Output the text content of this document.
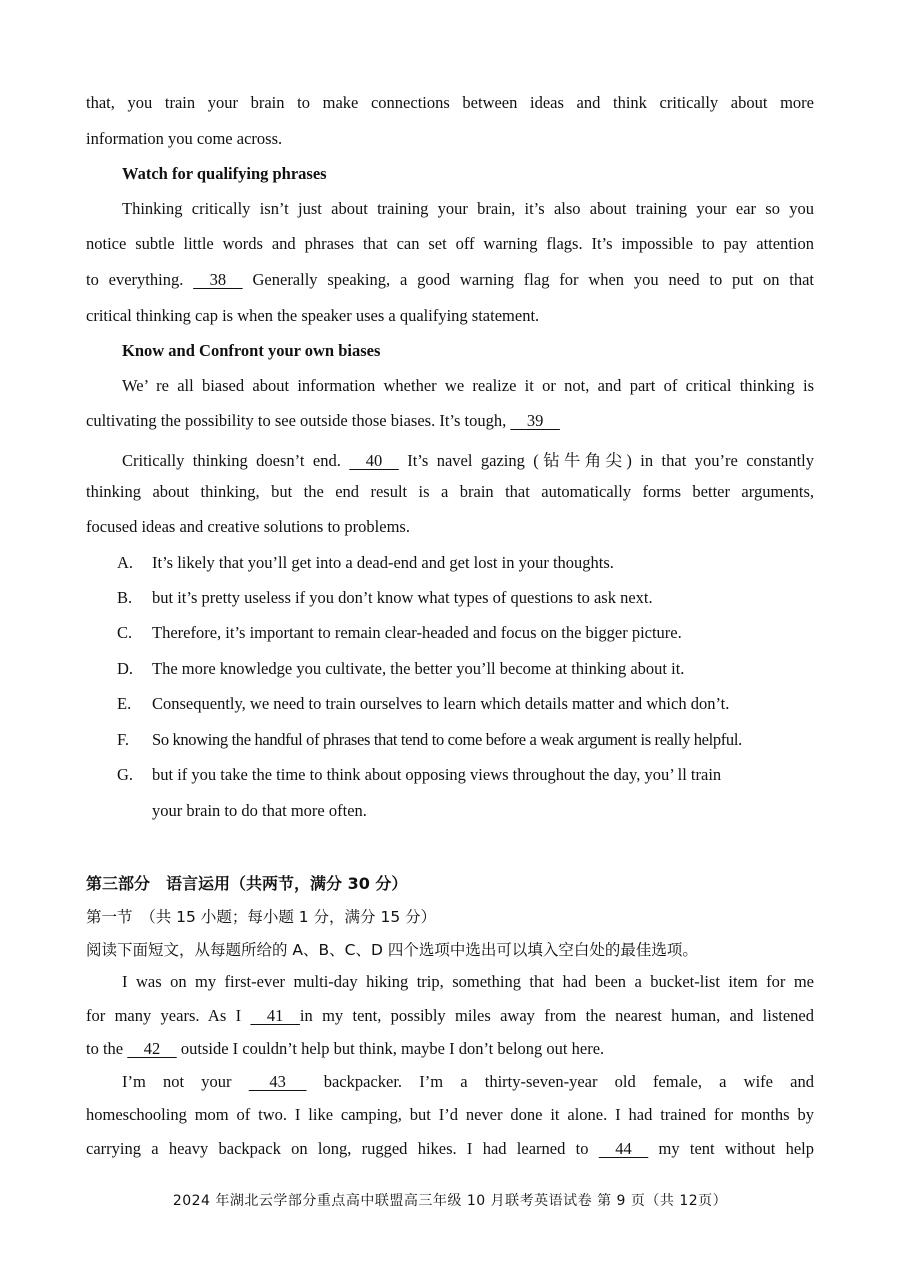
that, you train your brain to make connections between ideas and think critically about more
information you come across.
Watch for qualifying phrases
Thinking critically isn’t just about training your brain, it’s also about training your ear so you
notice subtle little words and phrases that can set off warning flags. It’s impossible to pay attention
to everything.     38     Generally speaking, a good warning flag for when you need to put on that
critical thinking cap is when the speaker uses a qualifying statement.
Know and Confront your own biases
We’ re all biased about information whether we realize it or not, and part of critical thinking is
cultivating the possibility to see outside those biases. It’s tough,     39
Critically thinking doesn’t end.     40     It’s navel gazing (钻牛角尖) in that you’re constantly
thinking about thinking, but the end result is a brain that automatically forms better arguments,
focused ideas and creative solutions to problems.
A. It’s likely that you’ll get into a dead-end and get lost in your thoughts.
B. but it’s pretty useless if you don’t know what types of questions to ask next.
C. Therefore, it’s important to remain clear-headed and focus on the bigger picture.
D. The more knowledge you cultivate, the better you’ll become at thinking about it.
E. Consequently, we need to train ourselves to learn which details matter and which don’t.
F. So knowing the handful of phrases that tend to come before a weak argument is really helpful.
G. but if you take the time to think about opposing views throughout the day, you’ ll train
your brain to do that more often.
第三部分　语言运用（共两节，满分 30 分）
第一节　（共 15 小题；每小题 1 分，满分 15 分）
阅读下面短文，从每题所给的 A、B、C、D 四个选项中选出可以填入空白处的最佳选项。
I was on my first-ever multi-day hiking trip, something that had been a bucket-list item for me
for many years. As I     41    in my tent, possibly miles away from the nearest human, and listened
to the     42     outside I couldn’t help but think, maybe I don’t belong out here.
I’m not your      43      backpacker. I’m a thirty-seven-year old female, a wife and
homeschooling mom of two. I like camping, but I’d never done it alone. I had trained for months by
carrying a heavy backpack on long, rugged hikes. I had learned to     44     my tent without help
2024 年湖北云学部分重点高中联盟高三年级 10 月联考英语试卷 第 9 页（共 12页）
